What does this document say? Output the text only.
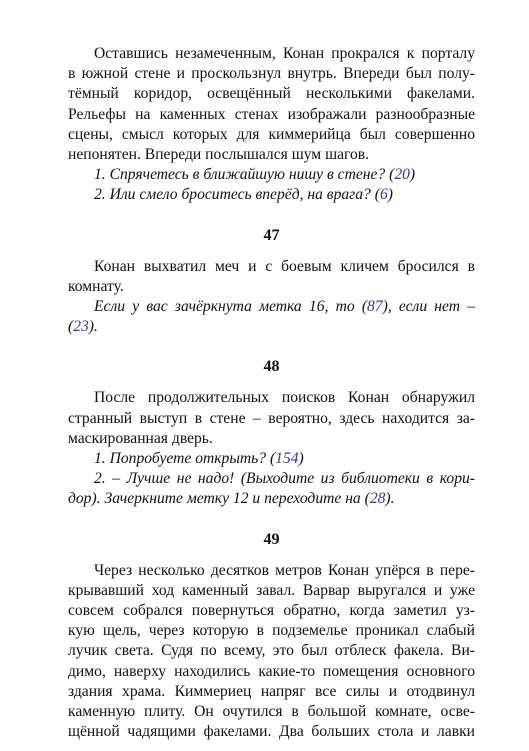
Оставшись незамеченным, Конан прокрался к порталу
в южной стене и проскользнул внутрь. Впереди был полу-
тёмный коридор, освещённый несколькими факелами.
Рельефы на каменных стенах изображали разнообразные
сцены, смысл которых для киммерийца был совершенно
непонятен. Впереди послышался шум шагов.
1. Спрячетесь в ближайшую нишу в стене? (20)
2. Или смело броситесь вперёд, на врага? (6)
47
Конан выхватил меч и с боевым кличем бросился в
комнату.
Если у вас зачёркнута метка 16, то (87), если нет –
(23).
48
После продолжительных поисков Конан обнаружил
странный выступ в стене – вероятно, здесь находится за-
маскированная дверь.
1. Попробуете открыть? (154)
2. – Лучше не надо! (Выходите из библиотеки в кори-
дор). Зачеркните метку 12 и переходите на (28).
49
Через несколько десятков метров Конан упёрся в пере-
крывавший ход каменный завал. Варвар выругался и уже
совсем собрался повернуться обратно, когда заметил уз-
кую щель, через которую в подземелье проникал слабый
лучик света. Судя по всему, это был отблеск факела. Ви-
димо, наверху находились какие-то помещения основного
здания храма. Киммериец напряг все силы и отодвинул
каменную плиту. Он очутился в большой комнате, осве-
щённой чадящими факелами. Два больших стола и лавки
